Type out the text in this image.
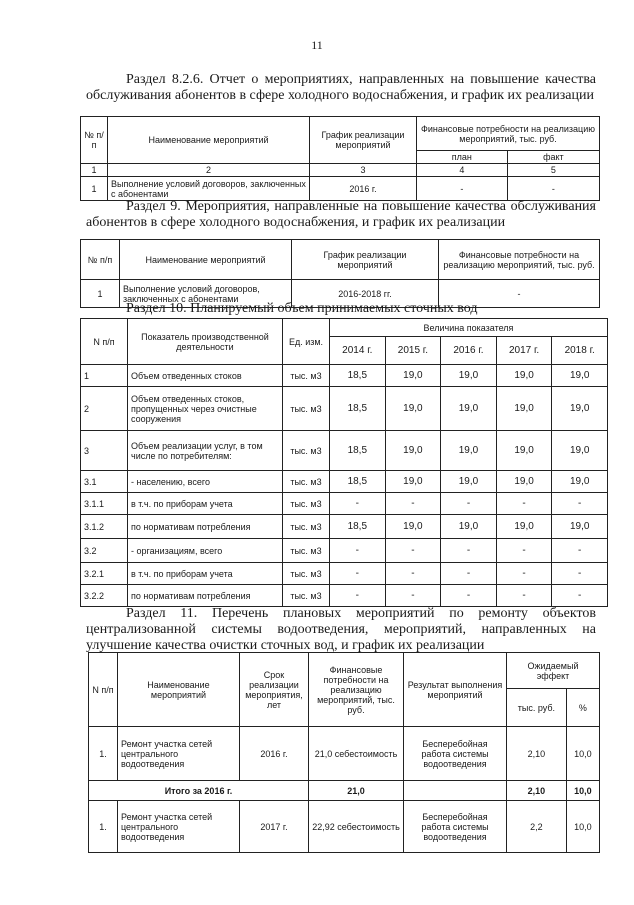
11
Раздел 8.2.6. Отчет о мероприятиях, направленных на повышение качества обслуживания абонентов в сфере холодного водоснабжения, и график их реализации
№ п/п	Наименование мероприятий	График реализации мероприятий	Финансовые потребности на реализацию мероприятий, тыс. руб.	
			план	факт
1	2	3	4	5
1	Выполнение условий договоров, заключенных с абонентами	2016 г.	-	-
Раздел 9. Мероприятия, направленные на повышение качества обслуживания абонентов в сфере холодного водоснабжения, и график их реализации
№ п/п	Наименование мероприятий	График реализации мероприятий	Финансовые потребности на реализацию мероприятий, тыс. руб.
1	Выполнение условий договоров, заключенных с абонентами	2016-2018 гг.	-
Раздел 10. Планируемый объем принимаемых сточных вод
N п/п	Показатель производственной деятельности	Ед. изм.	Величина показателя				
			2014 г.	2015 г.	2016 г.	2017 г.	2018 г.
1	Объем отведенных стоков	тыс. м3	18,5	19,0	19,0	19,0	19,0
2	Объем отведенных стоков, пропущенных через очистные сооружения	тыс. м3	18,5	19,0	19,0	19,0	19,0
3	Объем реализации услуг, в том числе по потребителям:	тыс. м3	18,5	19,0	19,0	19,0	19,0
3.1	- населению, всего	тыс. м3	18,5	19,0	19,0	19,0	19,0
3.1.1	в т.ч. по приборам учета	тыс. м3	-	-	-	-	-
3.1.2	по нормативам потребления	тыс. м3	18,5	19,0	19,0	19,0	19,0
3.2	- организациям, всего	тыс. м3	-	-	-	-	-
3.2.1	в т.ч. по приборам учета	тыс. м3	-	-	-	-	-
3.2.2	по нормативам потребления	тыс. м3	-	-	-	-	-
Раздел 11. Перечень плановых мероприятий по ремонту объектов централизованной системы водоотведения, мероприятий, направленных на улучшение качества очистки сточных вод, и график их реализации
N п/п	Наименование мероприятий	Срок реализации мероприятия, лет	Финансовые потребности на реализацию мероприятий, тыс. руб.	Результат выполнения мероприятий	Ожидаемый эффект	
					тыс. руб.	%
1.	Ремонт участка сетей центрального водоотведения	2016 г.	21,0 себестоимость	Бесперебойная работа системы водоотведения	2,10	10,0
Итого за 2016 г.			21,0		2,10	10,0
1.	Ремонт участка сетей центрального водоотведения	2017 г.	22,92 себестоимость	Бесперебойная работа системы водоотведения	2,2	10,0
